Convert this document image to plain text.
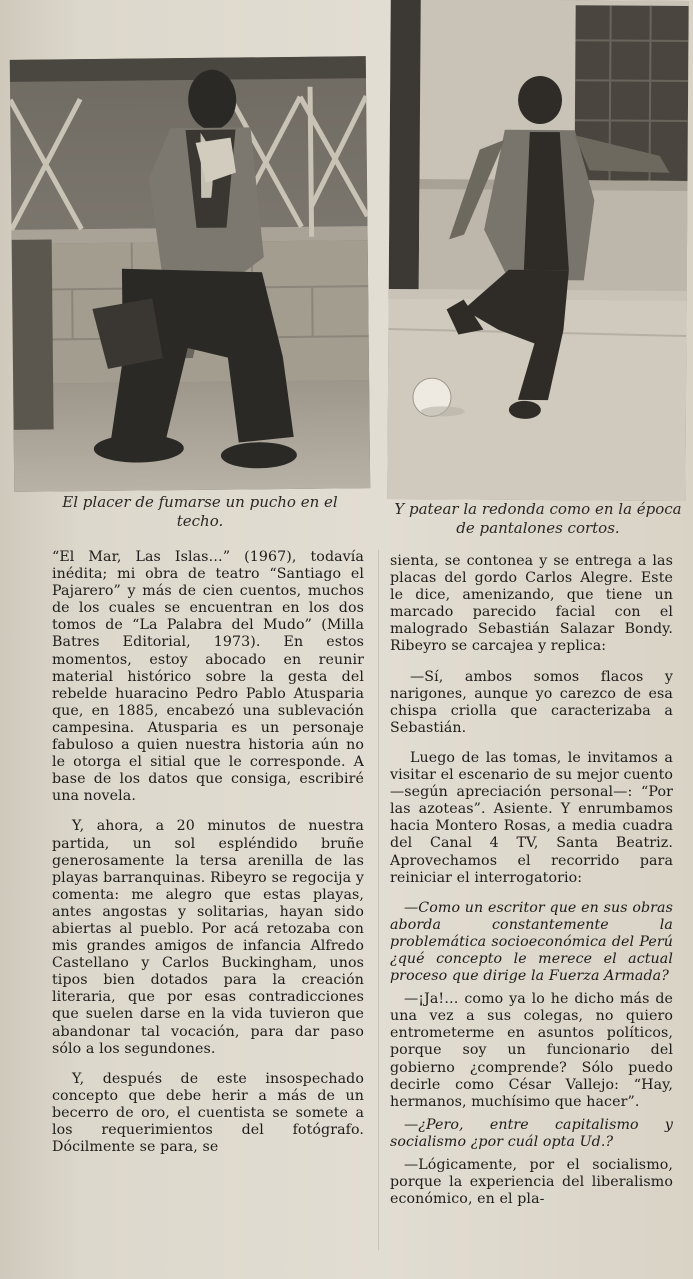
El placer de fumarse un pucho en el techo.
Y patear la redonda como en la época de pantalones cortos.

“El Mar, Las Islas…” (1967), todavía inédita; mi obra de teatro “Santiago el Pajarero” y más de cien cuentos, muchos de los cuales se encuentran en los dos tomos de “La Palabra del Mudo” (Milla Batres Editorial, 1973). En estos momentos, estoy abocado en reunir material histórico sobre la gesta del rebelde huaracino Pedro Pablo Atusparia que, en 1885, encabezó una sublevación campesina. Atusparia es un personaje fabuloso a quien nuestra historia aún no le otorga el sitial que le corresponde. A base de los datos que consiga, escribiré una novela.

Y, ahora, a 20 minutos de nuestra partida, un sol espléndido bruñe generosamente la tersa arenilla de las playas barranquinas. Ribeyro se regocija y comenta: me alegro que estas playas, antes angostas y solitarias, hayan sido abiertas al pueblo. Por acá retozaba con mis grandes amigos de infancia Alfredo Castellano y Carlos Buckingham, unos tipos bien dotados para la creación literaria, que por esas contradicciones que suelen darse en la vida tuvieron que abandonar tal vocación, para dar paso sólo a los segundones.

Y, después de este insospechado concepto que debe herir a más de un becerro de oro, el cuentista se somete a los requerimientos del fotógrafo. Dócilmente se para, se

sienta, se contonea y se entrega a las placas del gordo Carlos Alegre. Este le dice, amenizando, que tiene un marcado parecido facial con el malogrado Sebastián Salazar Bondy. Ribeyro se carcajea y replica:

—Sí, ambos somos flacos y narigones, aunque yo carezco de esa chispa criolla que caracterizaba a Sebastián.

Luego de las tomas, le invitamos a visitar el escenario de su mejor cuento —según apreciación personal—: “Por las azoteas”. Asiente. Y enrumbamos hacia Montero Rosas, a media cuadra del Canal 4 TV, Santa Beatriz. Aprovechamos el recorrido para reiniciar el interrogatorio:

—Como un escritor que en sus obras aborda constantemente la problemática socioeconómica del Perú ¿qué concepto le merece el actual proceso que dirige la Fuerza Armada?

—¡Ja!… como ya lo he dicho más de una vez a sus colegas, no quiero entrometerme en asuntos políticos, porque soy un funcionario del gobierno ¿comprende? Sólo puedo decirle como César Vallejo: “Hay, hermanos, muchísimo que hacer”.

—¿Pero, entre capitalismo y socialismo ¿por cuál opta Ud.?

—Lógicamente, por el socialismo, porque la experiencia del liberalismo económico, en el pla-
